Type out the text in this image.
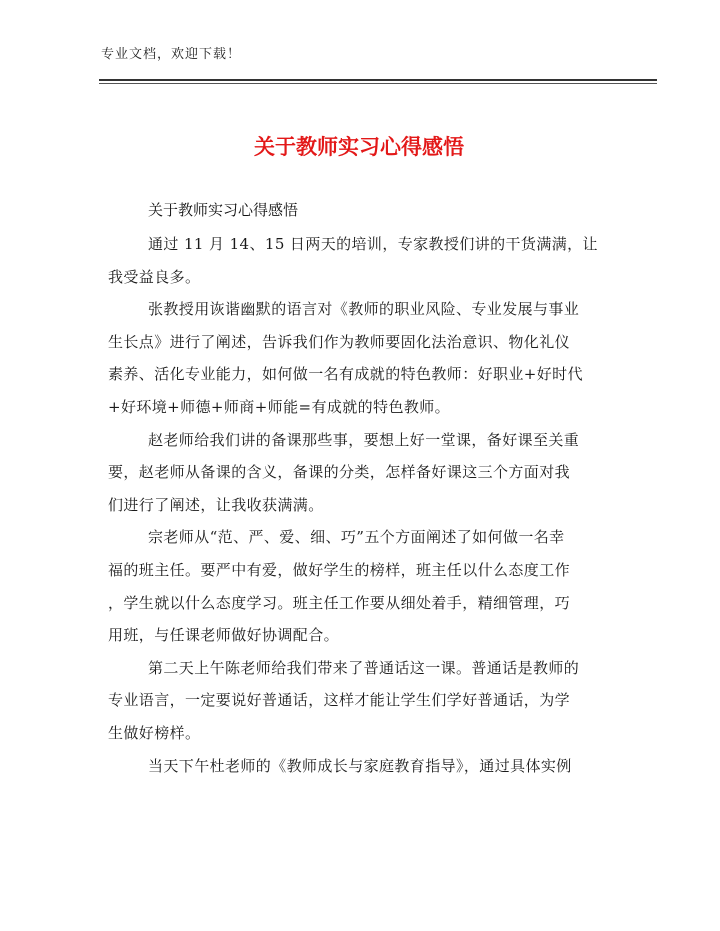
专业文档，欢迎下载！
关于教师实习心得感悟
关于教师实习心得感悟

通过 11 月 14、15 日两天的培训，专家教授们讲的干货满满，让
我受益良多。

张教授用诙谐幽默的语言对《教师的职业风险、专业发展与事业
生长点》进行了阐述，告诉我们作为教师要固化法治意识、物化礼仪
素养、活化专业能力，如何做一名有成就的特色教师：好职业+好时代
+好环境+师德+师商+师能=有成就的特色教师。

赵老师给我们讲的备课那些事，要想上好一堂课，备好课至关重
要，赵老师从备课的含义，备课的分类，怎样备好课这三个方面对我
们进行了阐述，让我收获满满。

宗老师从“范、严、爱、细、巧”五个方面阐述了如何做一名幸
福的班主任。要严中有爱，做好学生的榜样，班主任以什么态度工作
，学生就以什么态度学习。班主任工作要从细处着手，精细管理，巧
用班，与任课老师做好协调配合。

第二天上午陈老师给我们带来了普通话这一课。普通话是教师的
专业语言，一定要说好普通话，这样才能让学生们学好普通话，为学
生做好榜样。

当天下午杜老师的《教师成长与家庭教育指导》，通过具体实例
